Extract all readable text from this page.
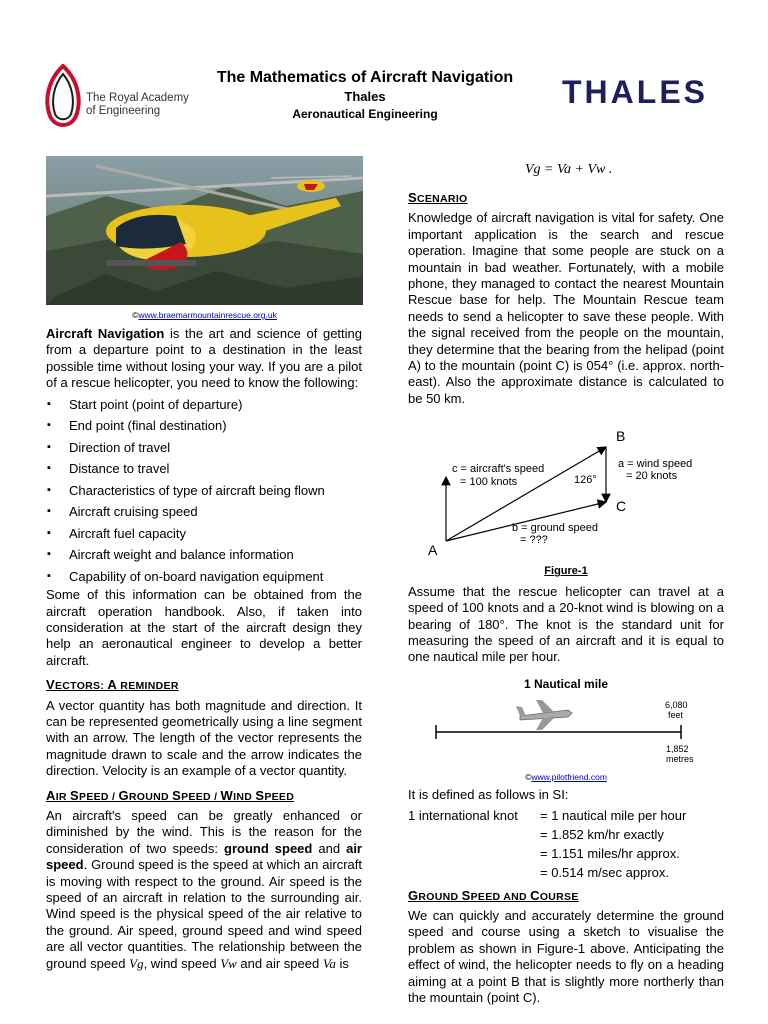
The Royal Academy
of Engineering
The Mathematics of Aircraft Navigation
Thales
Aeronautical Engineering
THALES
©www.braemarmountainrescue.org.uk

Aircraft Navigation is the art and science of getting from a departure point to a destination in the least possible time without losing your way. If you are a pilot of a rescue helicopter, you need to know the following:

▪ Start point (point of departure)
▪ End point (final destination)
▪ Direction of travel
▪ Distance to travel
▪ Characteristics of type of aircraft being flown
▪ Aircraft cruising speed
▪ Aircraft fuel capacity
▪ Aircraft weight and balance information
▪ Capability of on-board navigation equipment

Some of this information can be obtained from the aircraft operation handbook. Also, if taken into consideration at the start of the aircraft design they help an aeronautical engineer to develop a better aircraft.

VECTORS: A REMINDER

A vector quantity has both magnitude and direction. It can be represented geometrically using a line segment with an arrow. The length of the vector represents the magnitude drawn to scale and the arrow indicates the direction. Velocity is an example of a vector quantity.

AIR SPEED / GROUND SPEED / WIND SPEED

An aircraft's speed can be greatly enhanced or diminished by the wind. This is the reason for the consideration of two speeds: ground speed and air speed. Ground speed is the speed at which an aircraft is moving with respect to the ground. Air speed is the speed of an aircraft in relation to the surrounding air. Wind speed is the physical speed of the air relative to the ground. Air speed, ground speed and wind speed are all vector quantities. The relationship between the ground speed Vg, wind speed Vw and air speed Va is

Vg = Va + Vw .
SCENARIO

Knowledge of aircraft navigation is vital for safety. One important application is the search and rescue operation. Imagine that some people are stuck on a mountain in bad weather. Fortunately, with a mobile phone, they managed to contact the nearest Mountain Rescue base for help. The Mountain Rescue team needs to send a helicopter to save these people. With the signal received from the people on the mountain, they determine that the bearing from the helipad (point A) to the mountain (point C) is 054° (i.e. approx. north-east). Also the approximate distance is calculated to be 50 km.

A
B
C
c = aircraft's speed
= 100 knots
a = wind speed
= 20 knots
b = ground speed
= ???
126°
Figure-1

Assume that the rescue helicopter can travel at a speed of 100 knots and a 20-knot wind is blowing on a bearing of 180°. The knot is the standard unit for measuring the speed of an aircraft and it is equal to one nautical mile per hour.

1 Nautical mile
6,080
feet
1,852
metres
©www.pilotfriend.com

It is defined as follows in SI:

1 international knot	= 1 nautical mile per hour
	= 1.852 km/hr exactly
	= 1.151 miles/hr approx.
	= 0.514 m/sec approx.
GROUND SPEED AND COURSE

We can quickly and accurately determine the ground speed and course using a sketch to visualise the problem as shown in Figure-1 above. Anticipating the effect of wind, the helicopter needs to fly on a heading aiming at a point B that is slightly more northerly than the mountain (point C).
